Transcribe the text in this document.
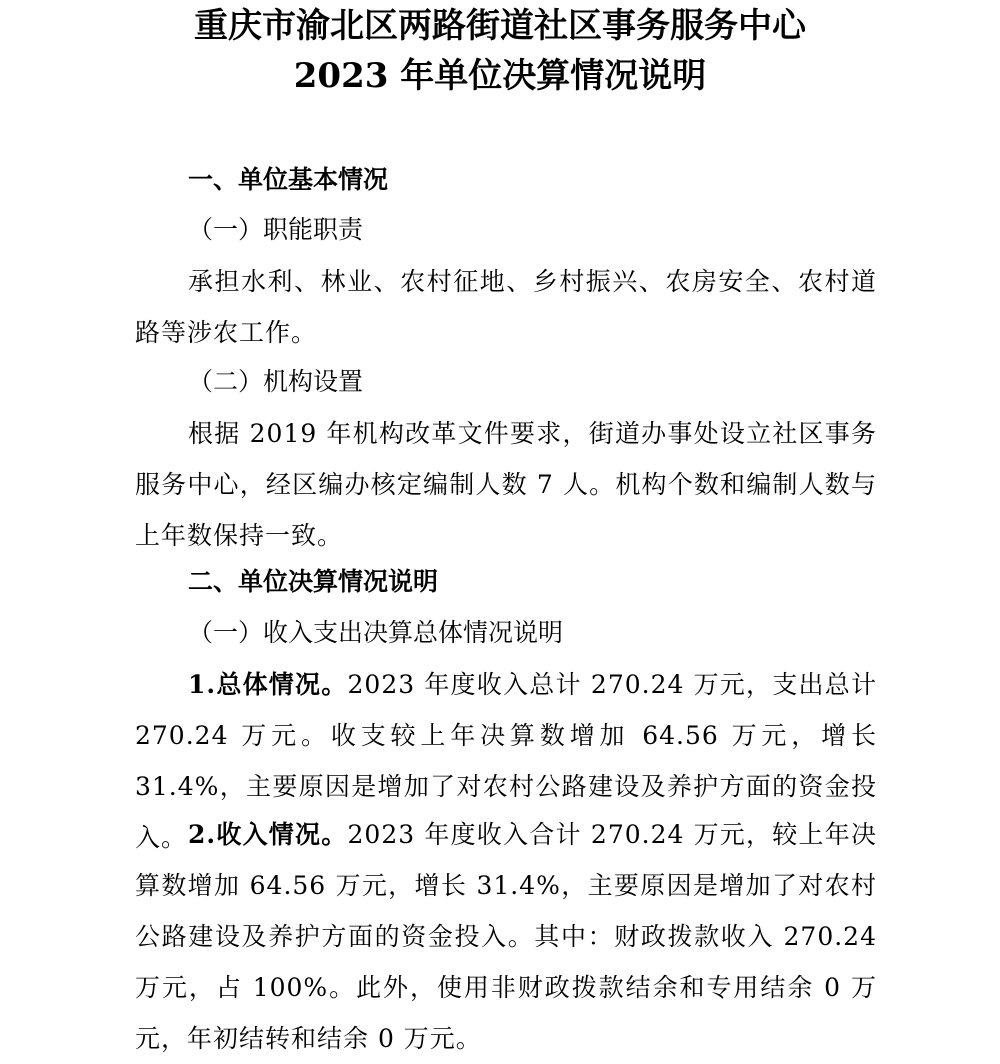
重庆市渝北区两路街道社区事务服务中心
2023 年单位决算情况说明
一、单位基本情况
（一）职能职责

承担水利、林业、农村征地、乡村振兴、农房安全、农村道路等涉农工作。

（二）机构设置

根据 2019 年机构改革文件要求，街道办事处设立社区事务服务中心，经区编办核定编制人数 7 人。机构个数和编制人数与上年数保持一致。

二、单位决算情况说明
（一）收入支出决算总体情况说明

1.总体情况。2023 年度收入总计 270.24 万元，支出总计 270.24 万元。收支较上年决算数增加 64.56 万元，增长 31.4%，主要原因是增加了对农村公路建设及养护方面的资金投入。 2.收入情况。2023 年度收入合计 270.24 万元，较上年决算数增加 64.56 万元，增长 31.4%，主要原因是增加了对农村公路建设及养护方面的资金投入。其中：财政拨款收入 270.24 万元，占 100%。此外，使用非财政拨款结余和专用结余 0 万元，年初结转和结余 0 万元。
